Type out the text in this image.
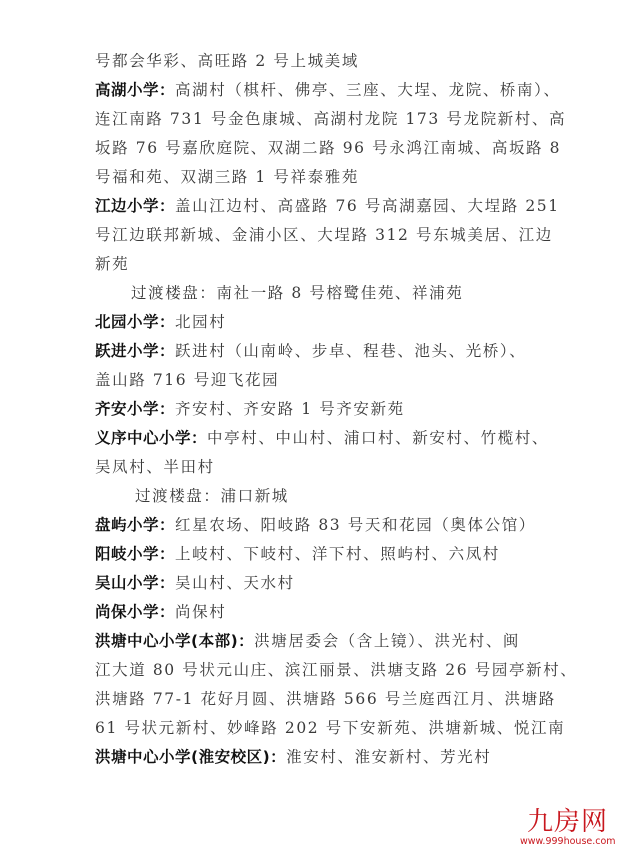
号都会华彩、高旺路 2 号上城美域
高湖小学：高湖村（棋杆、佛亭、三座、大埕、龙院、桥南）、
连江南路 731 号金色康城、高湖村龙院 173 号龙院新村、高
坂路 76 号嘉欣庭院、双湖二路 96 号永鸿江南城、高坂路 8
号福和苑、双湖三路 1 号祥泰雅苑
江边小学：盖山江边村、高盛路 76 号高湖嘉园、大埕路 251
号江边联邦新城、金浦小区、大埕路 312 号东城美居、江边
新苑
过渡楼盘：南社一路 8 号榕鹭佳苑、祥浦苑
北园小学：北园村
跃进小学：跃进村（山南岭、步卓、程巷、池头、光桥）、
盖山路 716 号迎飞花园
齐安小学：齐安村、齐安路 1 号齐安新苑
义序中心小学：中亭村、中山村、浦口村、新安村、竹榄村、
吴凤村、半田村
过渡楼盘：浦口新城
盘屿小学：红星农场、阳岐路 83 号天和花园（奥体公馆）
阳岐小学：上岐村、下岐村、洋下村、照屿村、六凤村
吴山小学：吴山村、天水村
尚保小学：尚保村
洪塘中心小学(本部)：洪塘居委会（含上镜）、洪光村、闽
江大道 80 号状元山庄、滨江丽景、洪塘支路 26 号园亭新村、
洪塘路 77-1 花好月圆、洪塘路 566 号兰庭西江月、洪塘路
61 号状元新村、妙峰路 202 号下安新苑、洪塘新城、悦江南
洪塘中心小学(淮安校区)：淮安村、淮安新村、芳光村
九房网
www.999house.com
